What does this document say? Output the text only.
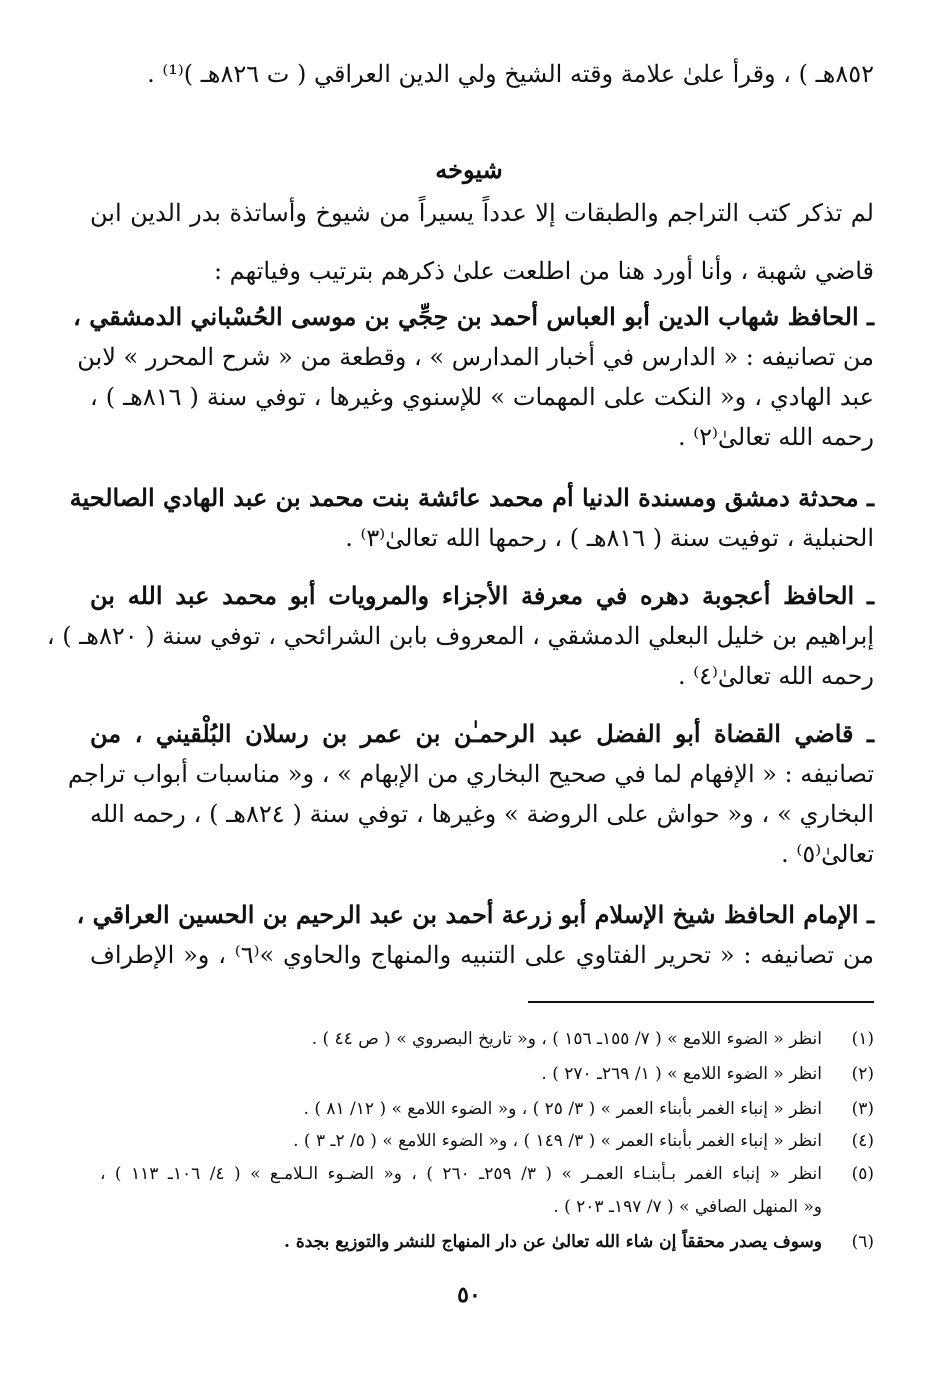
٨٥٢هـ ) ، وقرأ علىٰ علامة وقته الشيخ ولي الدين العراقي ( ت ٨٢٦هـ )⁽¹⁾ .
شيوخه
لم تذكر كتب التراجم والطبقات إلا عدداً يسيراً من شيوخ وأساتذة بدر الدين ابن
قاضي شهبة ، وأنا أورد هنا من اطلعت علىٰ ذكرهم بترتيب وفياتهم :
ـ الحافظ شهاب الدين أبو العباس أحمد بن حِجِّي بن موسى الحُسْباني الدمشقي ،
من تصانيفه : « الدارس في أخبار المدارس » ، وقطعة من « شرح المحرر » لابن
عبد الهادي ، و« النكت على المهمات » للإسنوي وغيرها ، توفي سنة ( ٨١٦هـ ) ،
رحمه الله تعالىٰ⁽٢⁾ .
ـ محدثة دمشق ومسندة الدنيا أم محمد عائشة بنت محمد بن عبد الهادي الصالحية
الحنبلية ، توفيت سنة ( ٨١٦هـ ) ، رحمها الله تعالىٰ⁽٣⁾ .
ـ الحافظ أعجوبة دهره في معرفة الأجزاء والمرويات أبو محمد عبد الله بن
إبراهيم بن خليل البعلي الدمشقي ، المعروف بابن الشرائحي ، توفي سنة ( ٨٢٠هـ ) ،
رحمه الله تعالىٰ⁽٤⁾ .
ـ قاضي القضاة أبو الفضل عبد الرحمـٰن بن عمر بن رسلان البُلْقيني ، من
تصانيفه : « الإفهام لما في صحيح البخاري من الإبهام » ، و« مناسبات أبواب تراجم
البخاري » ، و« حواش على الروضة » وغيرها ، توفي سنة ( ٨٢٤هـ ) ، رحمه الله
تعالىٰ⁽٥⁾ .
ـ الإمام الحافظ شيخ الإسلام أبو زرعة أحمد بن عبد الرحيم بن الحسين العراقي ،
من تصانيفه : « تحرير الفتاوي على التنبيه والمنهاج والحاوي »⁽٦⁾ ، و« الإطراف
(١)
انظر « الضوء اللامع » ( ٧/ ١٥٥ـ ١٥٦ ) ، و« تاريخ البصروي » ( ص ٤٤ ) .
(٢)
انظر « الضوء اللامع » ( ١/ ٢٦٩ـ ٢٧٠ ) .
(٣)
انظر « إنباء الغمر بأبناء العمر » ( ٣/ ٢٥ ) ، و« الضوء اللامع » ( ١٢/ ٨١ ) .
(٤)
انظر « إنباء الغمر بأبناء العمر » ( ٣/ ١٤٩ ) ، و« الضوء اللامع » ( ٥/ ٢ـ ٣ ) .
(٥)
انظر « إنباء الغمر بـأبنـاء العمـر » ( ٣/ ٢٥٩ـ ٢٦٠ ) ، و« الضـوء الـلامـع » ( ٤/ ١٠٦ـ ١١٣ ) ،
و« المنهل الصافي » ( ٧/ ١٩٧ـ ٢٠٣ ) .
(٦)
وسوف يصدر محققاً إن شاء الله تعالىٰ عن دار المنهاج للنشر والتوزيع بجدة .
٥٠
